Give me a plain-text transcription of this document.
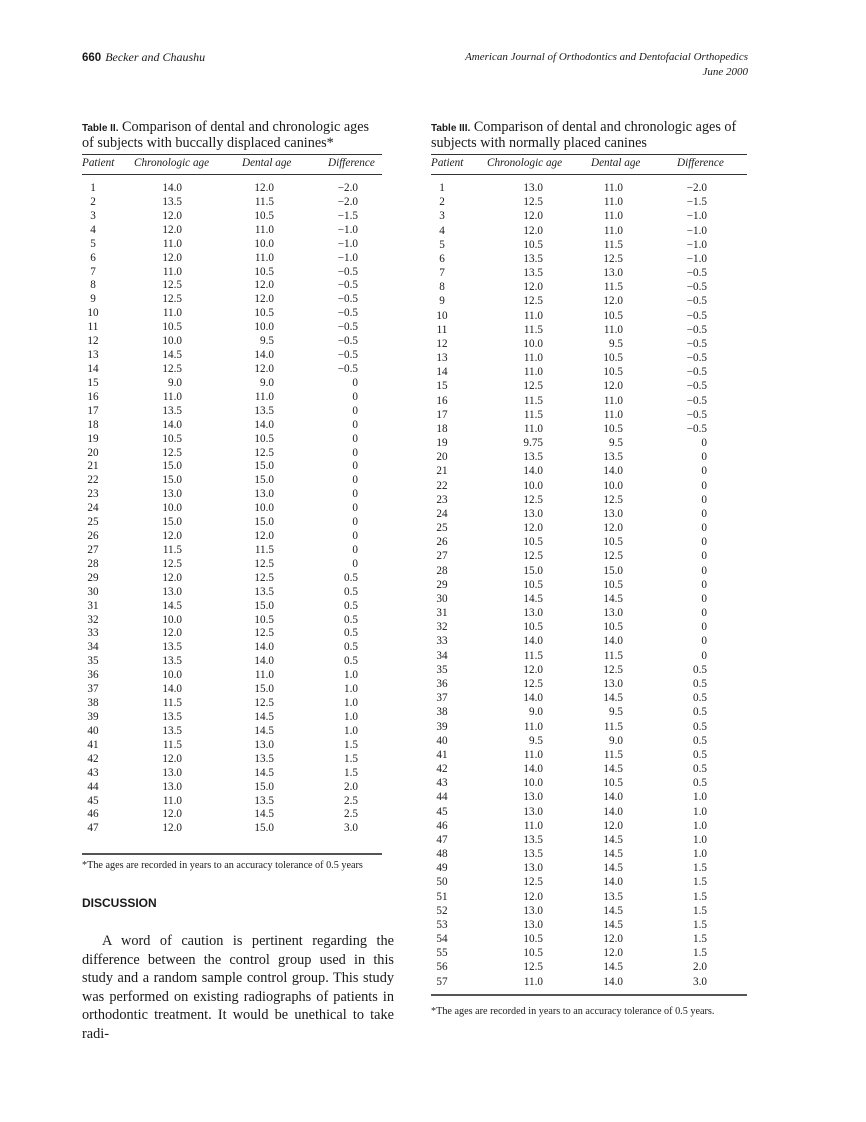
660 Becker and Chaushu	American Journal of Orthodontics and Dentofacial Orthopedics
June 2000
Table II. Comparison of dental and chronologic ages of subjects with buccally displaced canines*
Patient Chronologic age	Dental age	Difference
1	14.0	12.0	−2.0
2	13.5	11.5	−2.0
3	12.0	10.5	−1.5
4	12.0	11.0	−1.0
5	11.0	10.0	−1.0
6	12.0	11.0	−1.0
7	11.0	10.5	−0.5
8	12.5	12.0	−0.5
9	12.5	12.0	−0.5
10	11.0	10.5	−0.5
11	10.5	10.0	−0.5
12	10.0	9.5	−0.5
13	14.5	14.0	−0.5
14	12.5	12.0	−0.5
15	9.0	9.0	0
16	11.0	11.0	0
17	13.5	13.5	0
18	14.0	14.0	0
19	10.5	10.5	0
20	12.5	12.5	0
21	15.0	15.0	0
22	15.0	15.0	0
23	13.0	13.0	0
24	10.0	10.0	0
25	15.0	15.0	0
26	12.0	12.0	0
27	11.5	11.5	0
28	12.5	12.5	0
29	12.0	12.5	0.5
30	13.0	13.5	0.5
31	14.5	15.0	0.5
32	10.0	10.5	0.5
33	12.0	12.5	0.5
34	13.5	14.0	0.5
35	13.5	14.0	0.5
36	10.0	11.0	1.0
37	14.0	15.0	1.0
38	11.5	12.5	1.0
39	13.5	14.5	1.0
40	13.5	14.5	1.0
41	11.5	13.0	1.5
42	12.0	13.5	1.5
43	13.0	14.5	1.5
44	13.0	15.0	2.0
45	11.0	13.5	2.5
46	12.0	14.5	2.5
47	12.0	15.0	3.0
*The ages are recorded in years to an accuracy tolerance of 0.5 years
Table III. Comparison of dental and chronologic ages of subjects with normally placed canines
Patient Chronologic age	Dental age	Difference
1	13.0	11.0	−2.0
2	12.5	11.0	−1.5
3	12.0	11.0	−1.0
4	12.0	11.0	−1.0
5	10.5	11.5	−1.0
6	13.5	12.5	−1.0
7	13.5	13.0	−0.5
8	12.0	11.5	−0.5
9	12.5	12.0	−0.5
10	11.0	10.5	−0.5
11	11.5	11.0	−0.5
12	10.0	9.5	−0.5
13	11.0	10.5	−0.5
14	11.0	10.5	−0.5
15	12.5	12.0	−0.5
16	11.5	11.0	−0.5
17	11.5	11.0	−0.5
18	11.0	10.5	−0.5
19	9.75	9.5	0
20	13.5	13.5	0
21	14.0	14.0	0
22	10.0	10.0	0
23	12.5	12.5	0
24	13.0	13.0	0
25	12.0	12.0	0
26	10.5	10.5	0
27	12.5	12.5	0
28	15.0	15.0	0
29	10.5	10.5	0
30	14.5	14.5	0
31	13.0	13.0	0
32	10.5	10.5	0
33	14.0	14.0	0
34	11.5	11.5	0
35	12.0	12.5	0.5
36	12.5	13.0	0.5
37	14.0	14.5	0.5
38	9.0	9.5	0.5
39	11.0	11.5	0.5
40	9.5	9.0	0.5
41	11.0	11.5	0.5
42	14.0	14.5	0.5
43	10.0	10.5	0.5
44	13.0	14.0	1.0
45	13.0	14.0	1.0
46	11.0	12.0	1.0
47	13.5	14.5	1.0
48	13.5	14.5	1.0
49	13.0	14.5	1.5
50	12.5	14.0	1.5
51	12.0	13.5	1.5
52	13.0	14.5	1.5
53	13.0	14.5	1.5
54	10.5	12.0	1.5
55	10.5	12.0	1.5
56	12.5	14.5	2.0
57	11.0	14.0	3.0
*The ages are recorded in years to an accuracy tolerance of 0.5 years.
DISCUSSION
A word of caution is pertinent regarding the difference between the control group used in this study and a random sample control group. This study was performed on existing radiographs of patients in orthodontic treatment. It would be unethical to take radi-
